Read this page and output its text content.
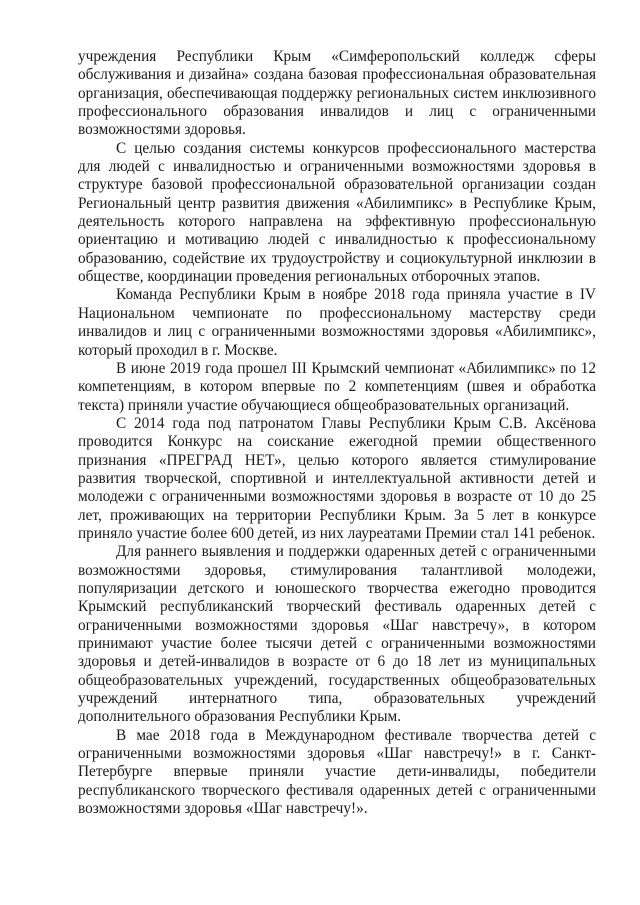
учреждения Республики Крым «Симферопольский колледж сферы обслуживания и дизайна» создана базовая профессиональная образовательная организация, обеспечивающая поддержку региональных систем инклюзивного профессионального образования инвалидов и лиц с ограниченными возможностями здоровья.

С целью создания системы конкурсов профессионального мастерства для людей с инвалидностью и ограниченными возможностями здоровья в структуре базовой профессиональной образовательной организации создан Региональный центр развития движения «Абилимпикс» в Республике Крым, деятельность которого направлена на эффективную профессиональную ориентацию и мотивацию людей с инвалидностью к профессиональному образованию, содействие их трудоустройству и социокультурной инклюзии в обществе, координации проведения региональных отборочных этапов.

Команда Республики Крым в ноябре 2018 года приняла участие в IV Национальном чемпионате по профессиональному мастерству среди инвалидов и лиц с ограниченными возможностями здоровья «Абилимпикс», который проходил в г. Москве.

В июне 2019 года прошел III Крымский чемпионат «Абилимпикс» по 12 компетенциям, в котором впервые по 2 компетенциям (швея и обработка текста) приняли участие обучающиеся общеобразовательных организаций.

С 2014 года под патронатом Главы Республики Крым С.В. Аксёнова проводится Конкурс на соискание ежегодной премии общественного признания «ПРЕГРАД НЕТ», целью которого является стимулирование развития творческой, спортивной и интеллектуальной активности детей и молодежи с ограниченными возможностями здоровья в возрасте от 10 до 25 лет, проживающих на территории Республики Крым. За 5 лет в конкурсе приняло участие более 600 детей, из них лауреатами Премии стал 141 ребенок.

Для раннего выявления и поддержки одаренных детей с ограниченными возможностями здоровья, стимулирования талантливой молодежи, популяризации детского и юношеского творчества ежегодно проводится Крымский республиканский творческий фестиваль одаренных детей с ограниченными возможностями здоровья «Шаг навстречу», в котором принимают участие более тысячи детей с ограниченными возможностями здоровья и детей-инвалидов в возрасте от 6 до 18 лет из муниципальных общеобразовательных учреждений, государственных общеобразовательных учреждений интернатного типа, образовательных учреждений дополнительного образования Республики Крым.

В мае 2018 года в Международном фестивале творчества детей с ограниченными возможностями здоровья «Шаг навстречу!» в г. Санкт-Петербурге впервые приняли участие дети-инвалиды, победители республиканского творческого фестиваля одаренных детей с ограниченными возможностями здоровья «Шаг навстречу!».
